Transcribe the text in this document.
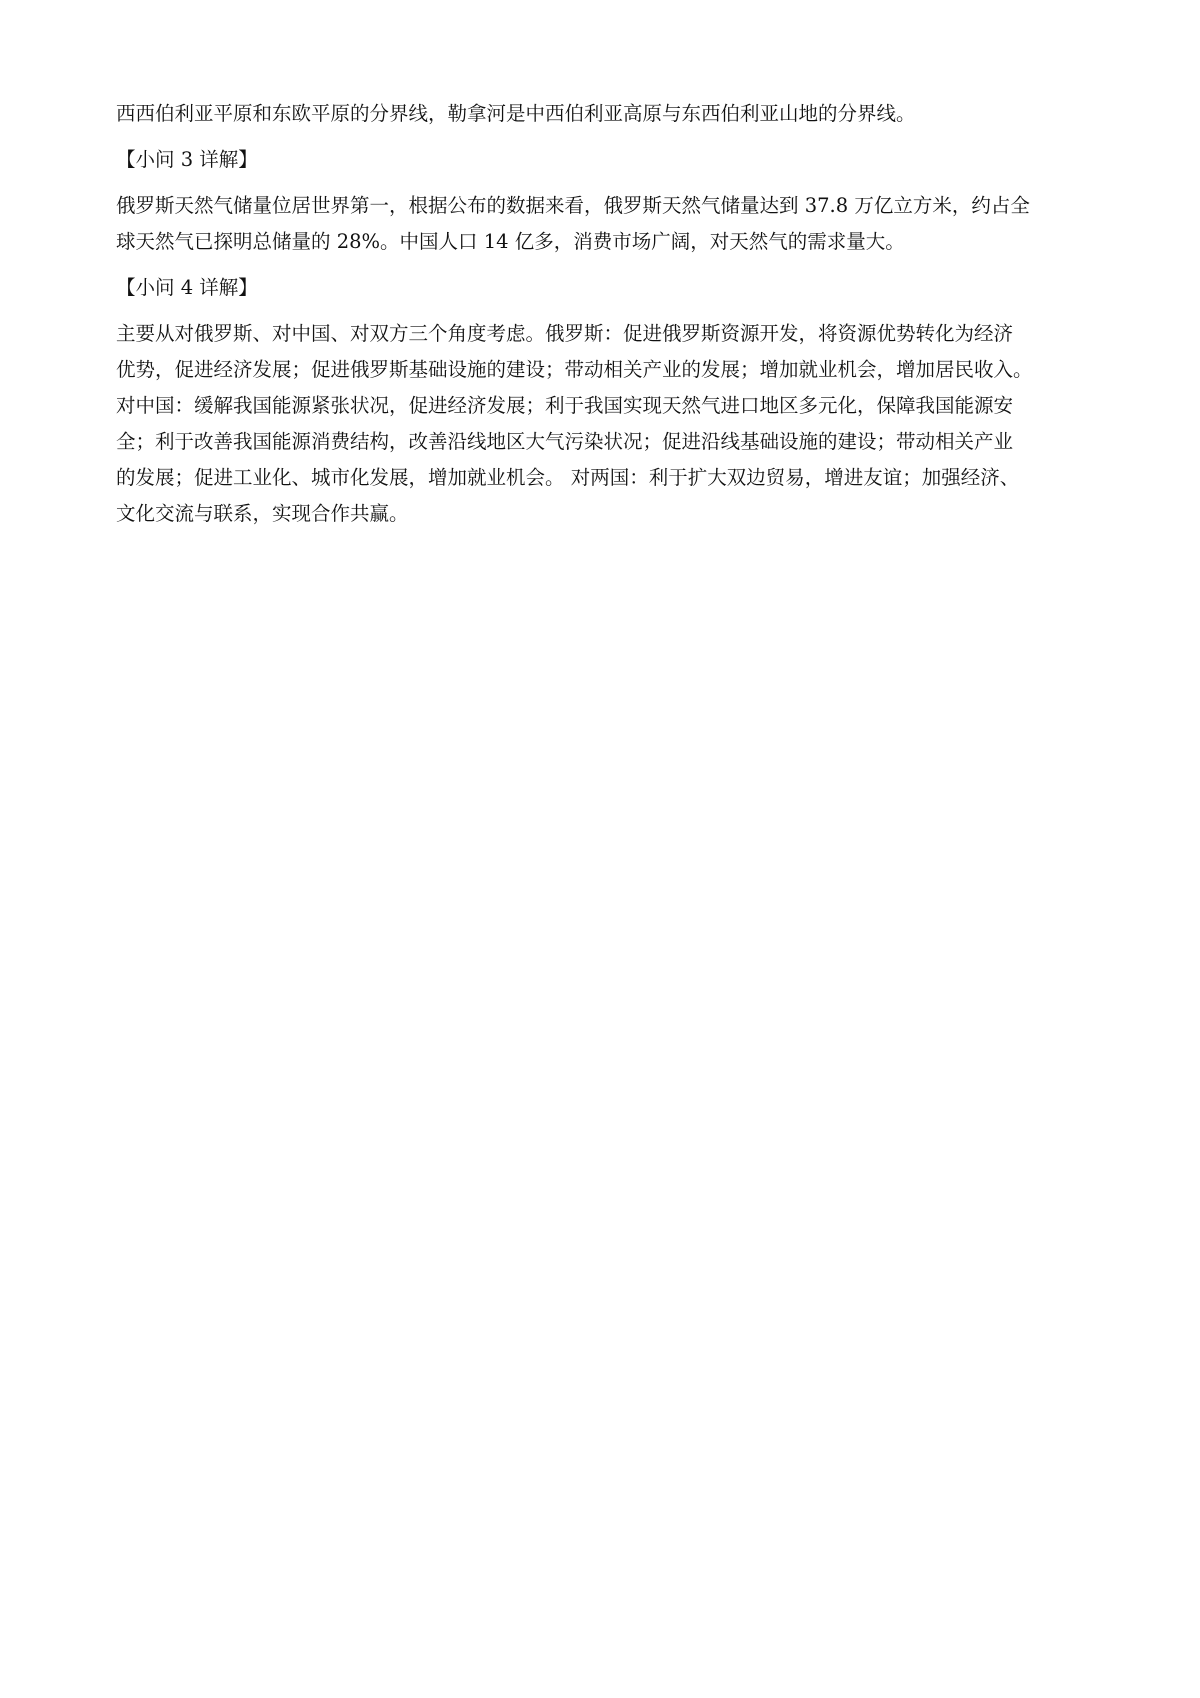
西西伯利亚平原和东欧平原的分界线，勒拿河是中西伯利亚高原与东西伯利亚山地的分界线。
【小问 3 详解】
俄罗斯天然气储量位居世界第一，根据公布的数据来看，俄罗斯天然气储量达到 37.8 万亿立方米，约占全
球天然气已探明总储量的 28%。中国人口 14 亿多，消费市场广阔，对天然气的需求量大。
【小问 4 详解】
主要从对俄罗斯、对中国、对双方三个角度考虑。俄罗斯：促进俄罗斯资源开发，将资源优势转化为经济
优势，促进经济发展；促进俄罗斯基础设施的建设；带动相关产业的发展；增加就业机会，增加居民收入。
对中国：缓解我国能源紧张状况，促进经济发展；利于我国实现天然气进口地区多元化，保障我国能源安
全；利于改善我国能源消费结构，改善沿线地区大气污染状况；促进沿线基础设施的建设；带动相关产业
的发展；促进工业化、城市化发展，增加就业机会。 对两国：利于扩大双边贸易，增进友谊；加强经济、
文化交流与联系，实现合作共赢。
